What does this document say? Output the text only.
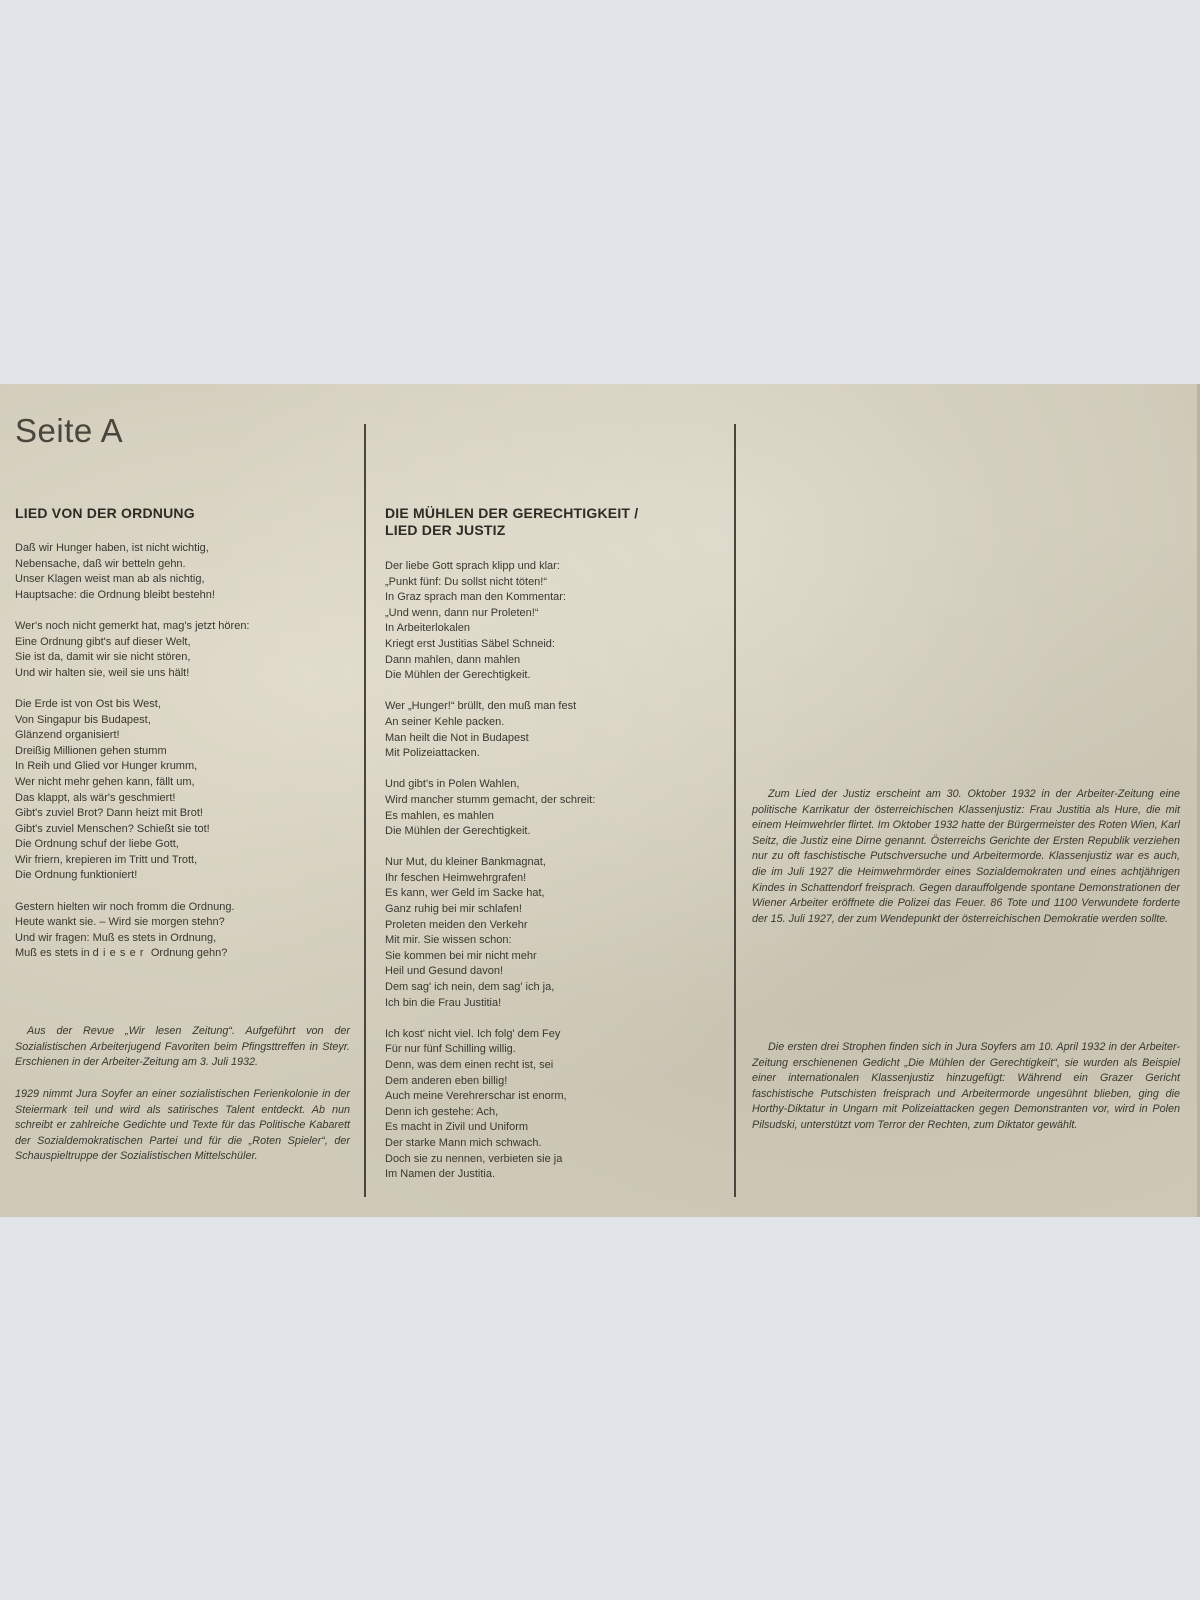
Seite A
LIED VON DER ORDNUNG
Daß wir Hunger haben, ist nicht wichtig,
Nebensache, daß wir betteln gehn.
Unser Klagen weist man ab als nichtig,
Hauptsache: die Ordnung bleibt bestehn!
Wer's noch nicht gemerkt hat, mag's jetzt hören:
Eine Ordnung gibt's auf dieser Welt,
Sie ist da, damit wir sie nicht stören,
Und wir halten sie, weil sie uns hält!
Die Erde ist von Ost bis West,
Von Singapur bis Budapest,
Glänzend organisiert!
Dreißig Millionen gehen stumm
In Reih und Glied vor Hunger krumm,
Wer nicht mehr gehen kann, fällt um,
Das klappt, als wär's geschmiert!
Gibt's zuviel Brot? Dann heizt mit Brot!
Gibt's zuviel Menschen? Schießt sie tot!
Die Ordnung schuf der liebe Gott,
Wir friern, krepieren im Tritt und Trott,
Die Ordnung funktioniert!
Gestern hielten wir noch fromm die Ordnung.
Heute wankt sie. – Wird sie morgen stehn?
Und wir fragen: Muß es stets in Ordnung,
Muß es stets in dieser Ordnung gehn?

Aus der Revue „Wir lesen Zeitung“. Aufgeführt von der Sozialistischen Arbeiterjugend Favoriten beim Pfingsttreffen in Steyr. Erschienen in der Arbeiter-Zeitung am 3. Juli 1932.

1929 nimmt Jura Soyfer an einer sozialistischen Ferienkolonie in der Steiermark teil und wird als satirisches Talent entdeckt. Ab nun schreibt er zahlreiche Gedichte und Texte für das Politische Kabarett der Sozialdemokratischen Partei und für die „Roten Spieler“, der Schauspieltruppe der Sozialistischen Mittelschüler.

DIE MÜHLEN DER GERECHTIGKEIT /
LIED DER JUSTIZ
Der liebe Gott sprach klipp und klar:
„Punkt fünf: Du sollst nicht töten!“
In Graz sprach man den Kommentar:
„Und wenn, dann nur Proleten!“
In Arbeiterlokalen
Kriegt erst Justitias Säbel Schneid:
Dann mahlen, dann mahlen
Die Mühlen der Gerechtigkeit.
Wer „Hunger!“ brüllt, den muß man fest
An seiner Kehle packen.
Man heilt die Not in Budapest
Mit Polizeiattacken.
Und gibt's in Polen Wahlen,
Wird mancher stumm gemacht, der schreit:
Es mahlen, es mahlen
Die Mühlen der Gerechtigkeit.
Nur Mut, du kleiner Bankmagnat,
Ihr feschen Heimwehrgrafen!
Es kann, wer Geld im Sacke hat,
Ganz ruhig bei mir schlafen!
Proleten meiden den Verkehr
Mit mir. Sie wissen schon:
Sie kommen bei mir nicht mehr
Heil und Gesund davon!
Dem sag' ich nein, dem sag' ich ja,
Ich bin die Frau Justitia!
Ich kost' nicht viel. Ich folg' dem Fey
Für nur fünf Schilling willig.
Denn, was dem einen recht ist, sei
Dem anderen eben billig!
Auch meine Verehrerschar ist enorm,
Denn ich gestehe: Ach,
Es macht in Zivil und Uniform
Der starke Mann mich schwach.
Doch sie zu nennen, verbieten sie ja
Im Namen der Justitia.

Zum Lied der Justiz erscheint am 30. Oktober 1932 in der Arbeiter-Zeitung eine politische Karrikatur der österreichischen Klassenjustiz: Frau Justitia als Hure, die mit einem Heimwehrler flirtet. Im Oktober 1932 hatte der Bürgermeister des Roten Wien, Karl Seitz, die Justiz eine Dirne genannt. Österreichs Gerichte der Ersten Republik verziehen nur zu oft faschistische Putschversuche und Arbeitermorde. Klassenjustiz war es auch, die im Juli 1927 die Heimwehrmörder eines Sozialdemokraten und eines achtjährigen Kindes in Schattendorf freisprach. Gegen darauffolgende spontane Demonstrationen der Wiener Arbeiter eröffnete die Polizei das Feuer. 86 Tote und 1100 Verwundete forderte der 15. Juli 1927, der zum Wendepunkt der österreichischen Demokratie werden sollte.

Die ersten drei Strophen finden sich in Jura Soyfers am 10. April 1932 in der Arbeiter-Zeitung erschienenen Gedicht „Die Mühlen der Gerechtigkeit“, sie wurden als Beispiel einer internationalen Klassenjustiz hinzugefügt: Während ein Grazer Gericht faschistische Putschisten freisprach und Arbeitermorde ungesühnt blieben, ging die Horthy-Diktatur in Ungarn mit Polizeiattacken gegen Demonstranten vor, wird in Polen Pilsudski, unterstützt vom Terror der Rechten, zum Diktator gewählt.
